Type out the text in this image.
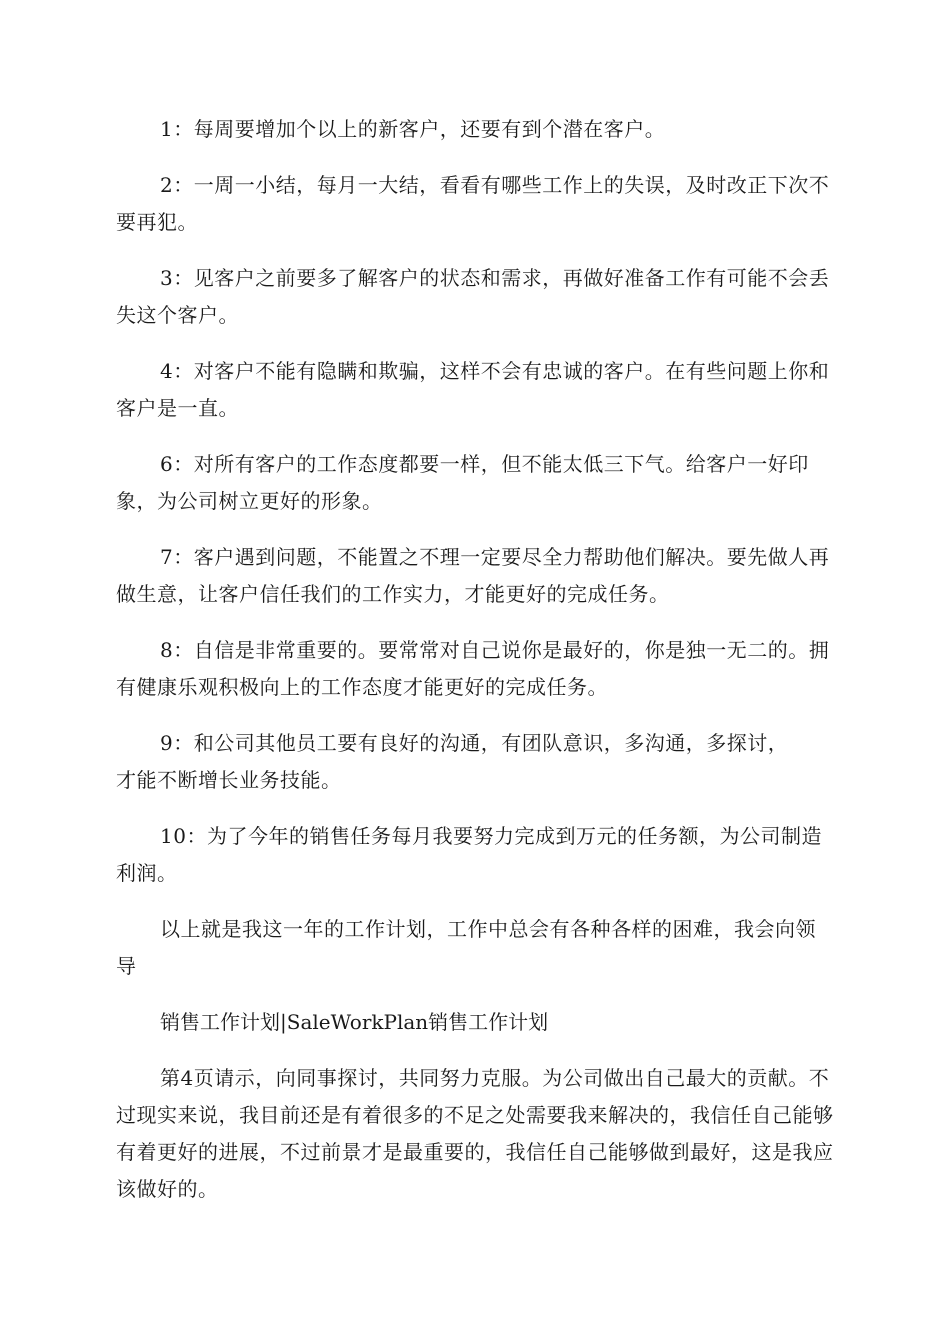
1：每周要增加个以上的新客户，还要有到个潜在客户。

2：一周一小结，每月一大结，看看有哪些工作上的失误，及时改正下次不要再犯。

3：见客户之前要多了解客户的状态和需求，再做好准备工作有可能不会丢失这个客户。

4：对客户不能有隐瞒和欺骗，这样不会有忠诚的客户。在有些问题上你和客户是一直。

6：对所有客户的工作态度都要一样，但不能太低三下气。给客户一好印象，为公司树立更好的形象。

7：客户遇到问题，不能置之不理一定要尽全力帮助他们解决。要先做人再做生意，让客户信任我们的工作实力，才能更好的完成任务。

8：自信是非常重要的。要常常对自己说你是最好的，你是独一无二的。拥有健康乐观积极向上的工作态度才能更好的完成任务。

9：和公司其他员工要有良好的沟通，有团队意识，多沟通，多探讨，才能不断增长业务技能。

10：为了今年的销售任务每月我要努力完成到万元的任务额，为公司制造利润。

以上就是我这一年的工作计划，工作中总会有各种各样的困难，我会向领导

销售工作计划|SaleWorkPlan销售工作计划

第4页请示，向同事探讨，共同努力克服。为公司做出自己最大的贡献。不过现实来说，我目前还是有着很多的不足之处需要我来解决的，我信任自己能够有着更好的进展，不过前景才是最重要的，我信任自己能够做到最好，这是我应该做好的。
